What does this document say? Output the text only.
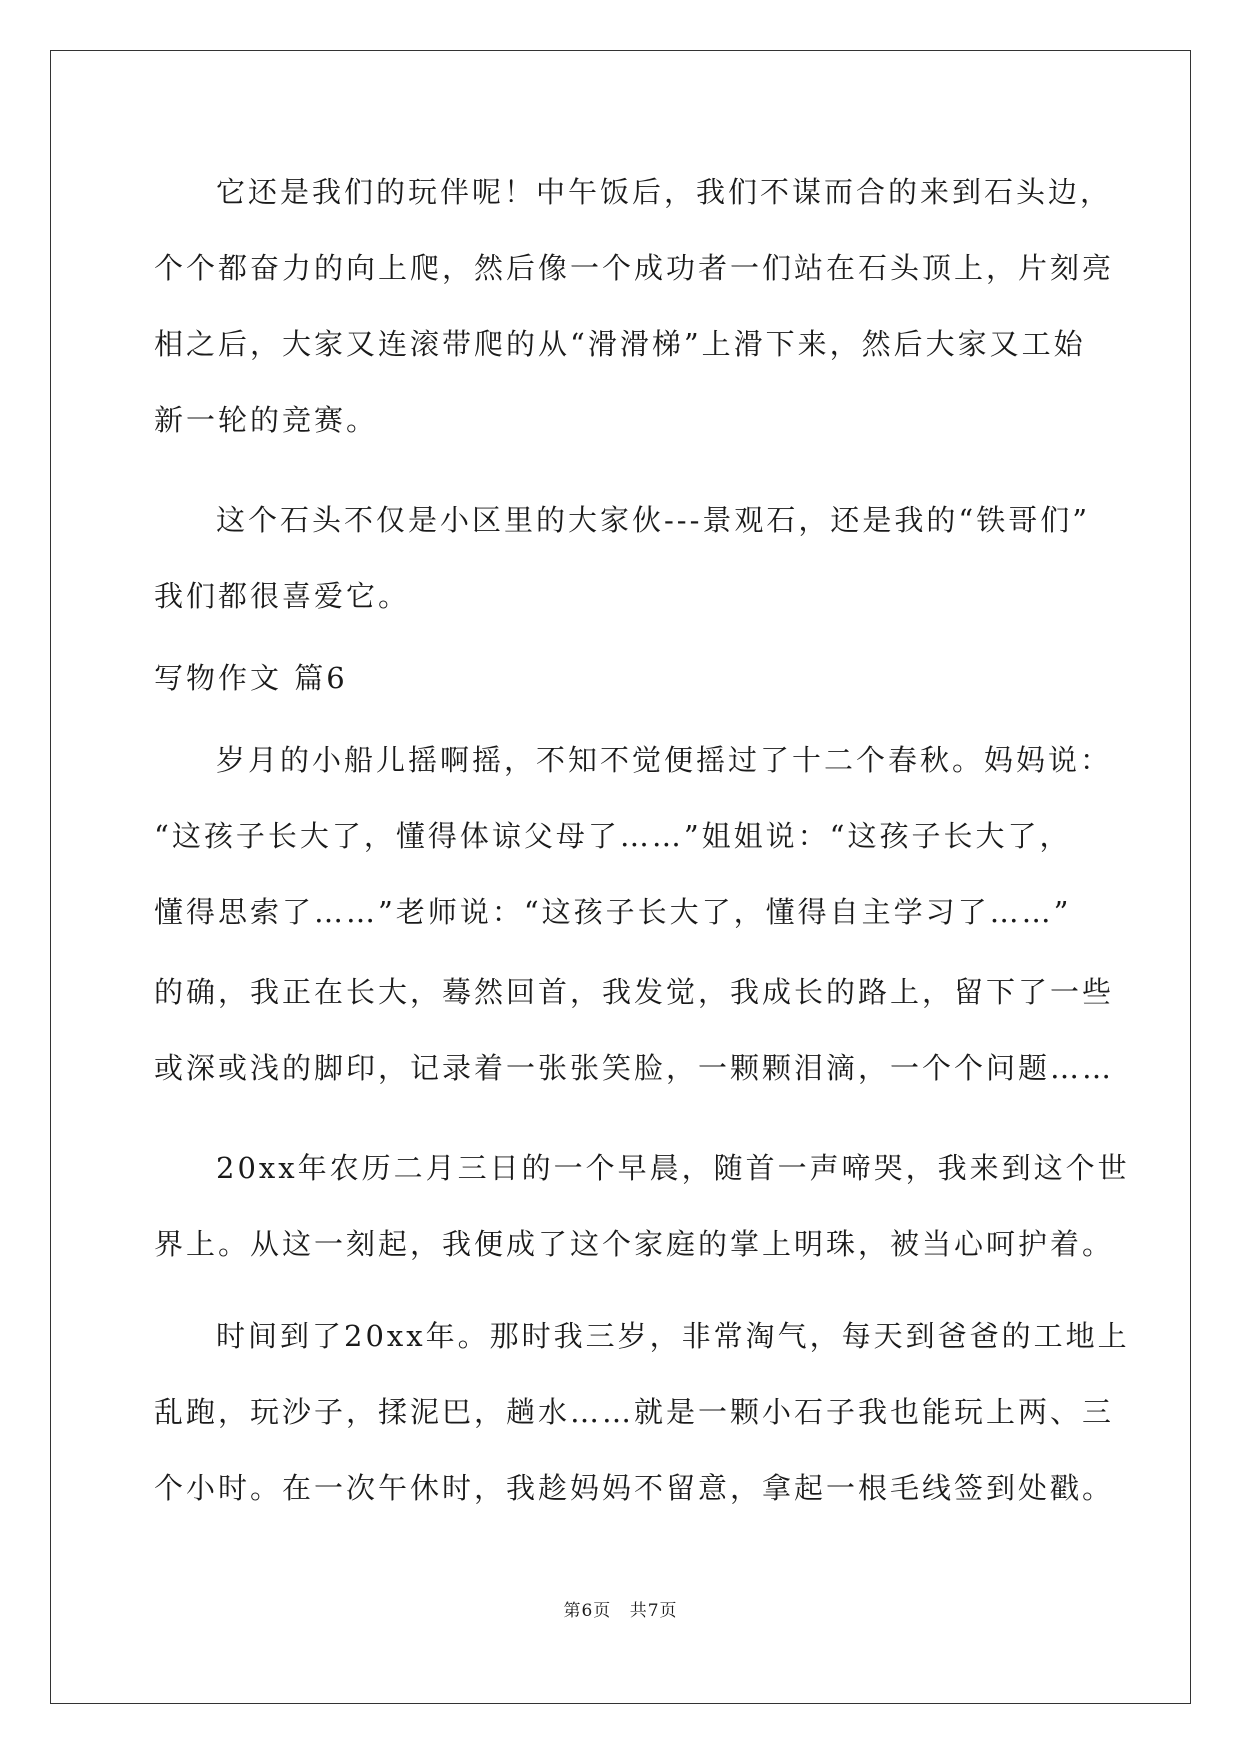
它还是我们的玩伴呢！中午饭后，我们不谋而合的来到石头边，
个个都奋力的向上爬，然后像一个成功者一们站在石头顶上，片刻亮
相之后，大家又连滚带爬的从“滑滑梯”上滑下来，然后大家又工始
新一轮的竞赛。
这个石头不仅是小区里的大家伙---景观石，还是我的“铁哥们”
我们都很喜爱它。
写物作文 篇6
岁月的小船儿摇啊摇，不知不觉便摇过了十二个春秋。妈妈说：
“这孩子长大了，懂得体谅父母了……”姐姐说：“这孩子长大了，
懂得思索了……”老师说：“这孩子长大了，懂得自主学习了……”
的确，我正在长大，蓦然回首，我发觉，我成长的路上，留下了一些
或深或浅的脚印，记录着一张张笑脸，一颗颗泪滴，一个个问题……
20xx年农历二月三日的一个早晨，随首一声啼哭，我来到这个世
界上。从这一刻起，我便成了这个家庭的掌上明珠，被当心呵护着。
时间到了20xx年。那时我三岁，非常淘气，每天到爸爸的工地上
乱跑，玩沙子，揉泥巴，趟水……就是一颗小石子我也能玩上两、三
个小时。在一次午休时，我趁妈妈不留意，拿起一根毛线签到处戳。
第6页 共7页
